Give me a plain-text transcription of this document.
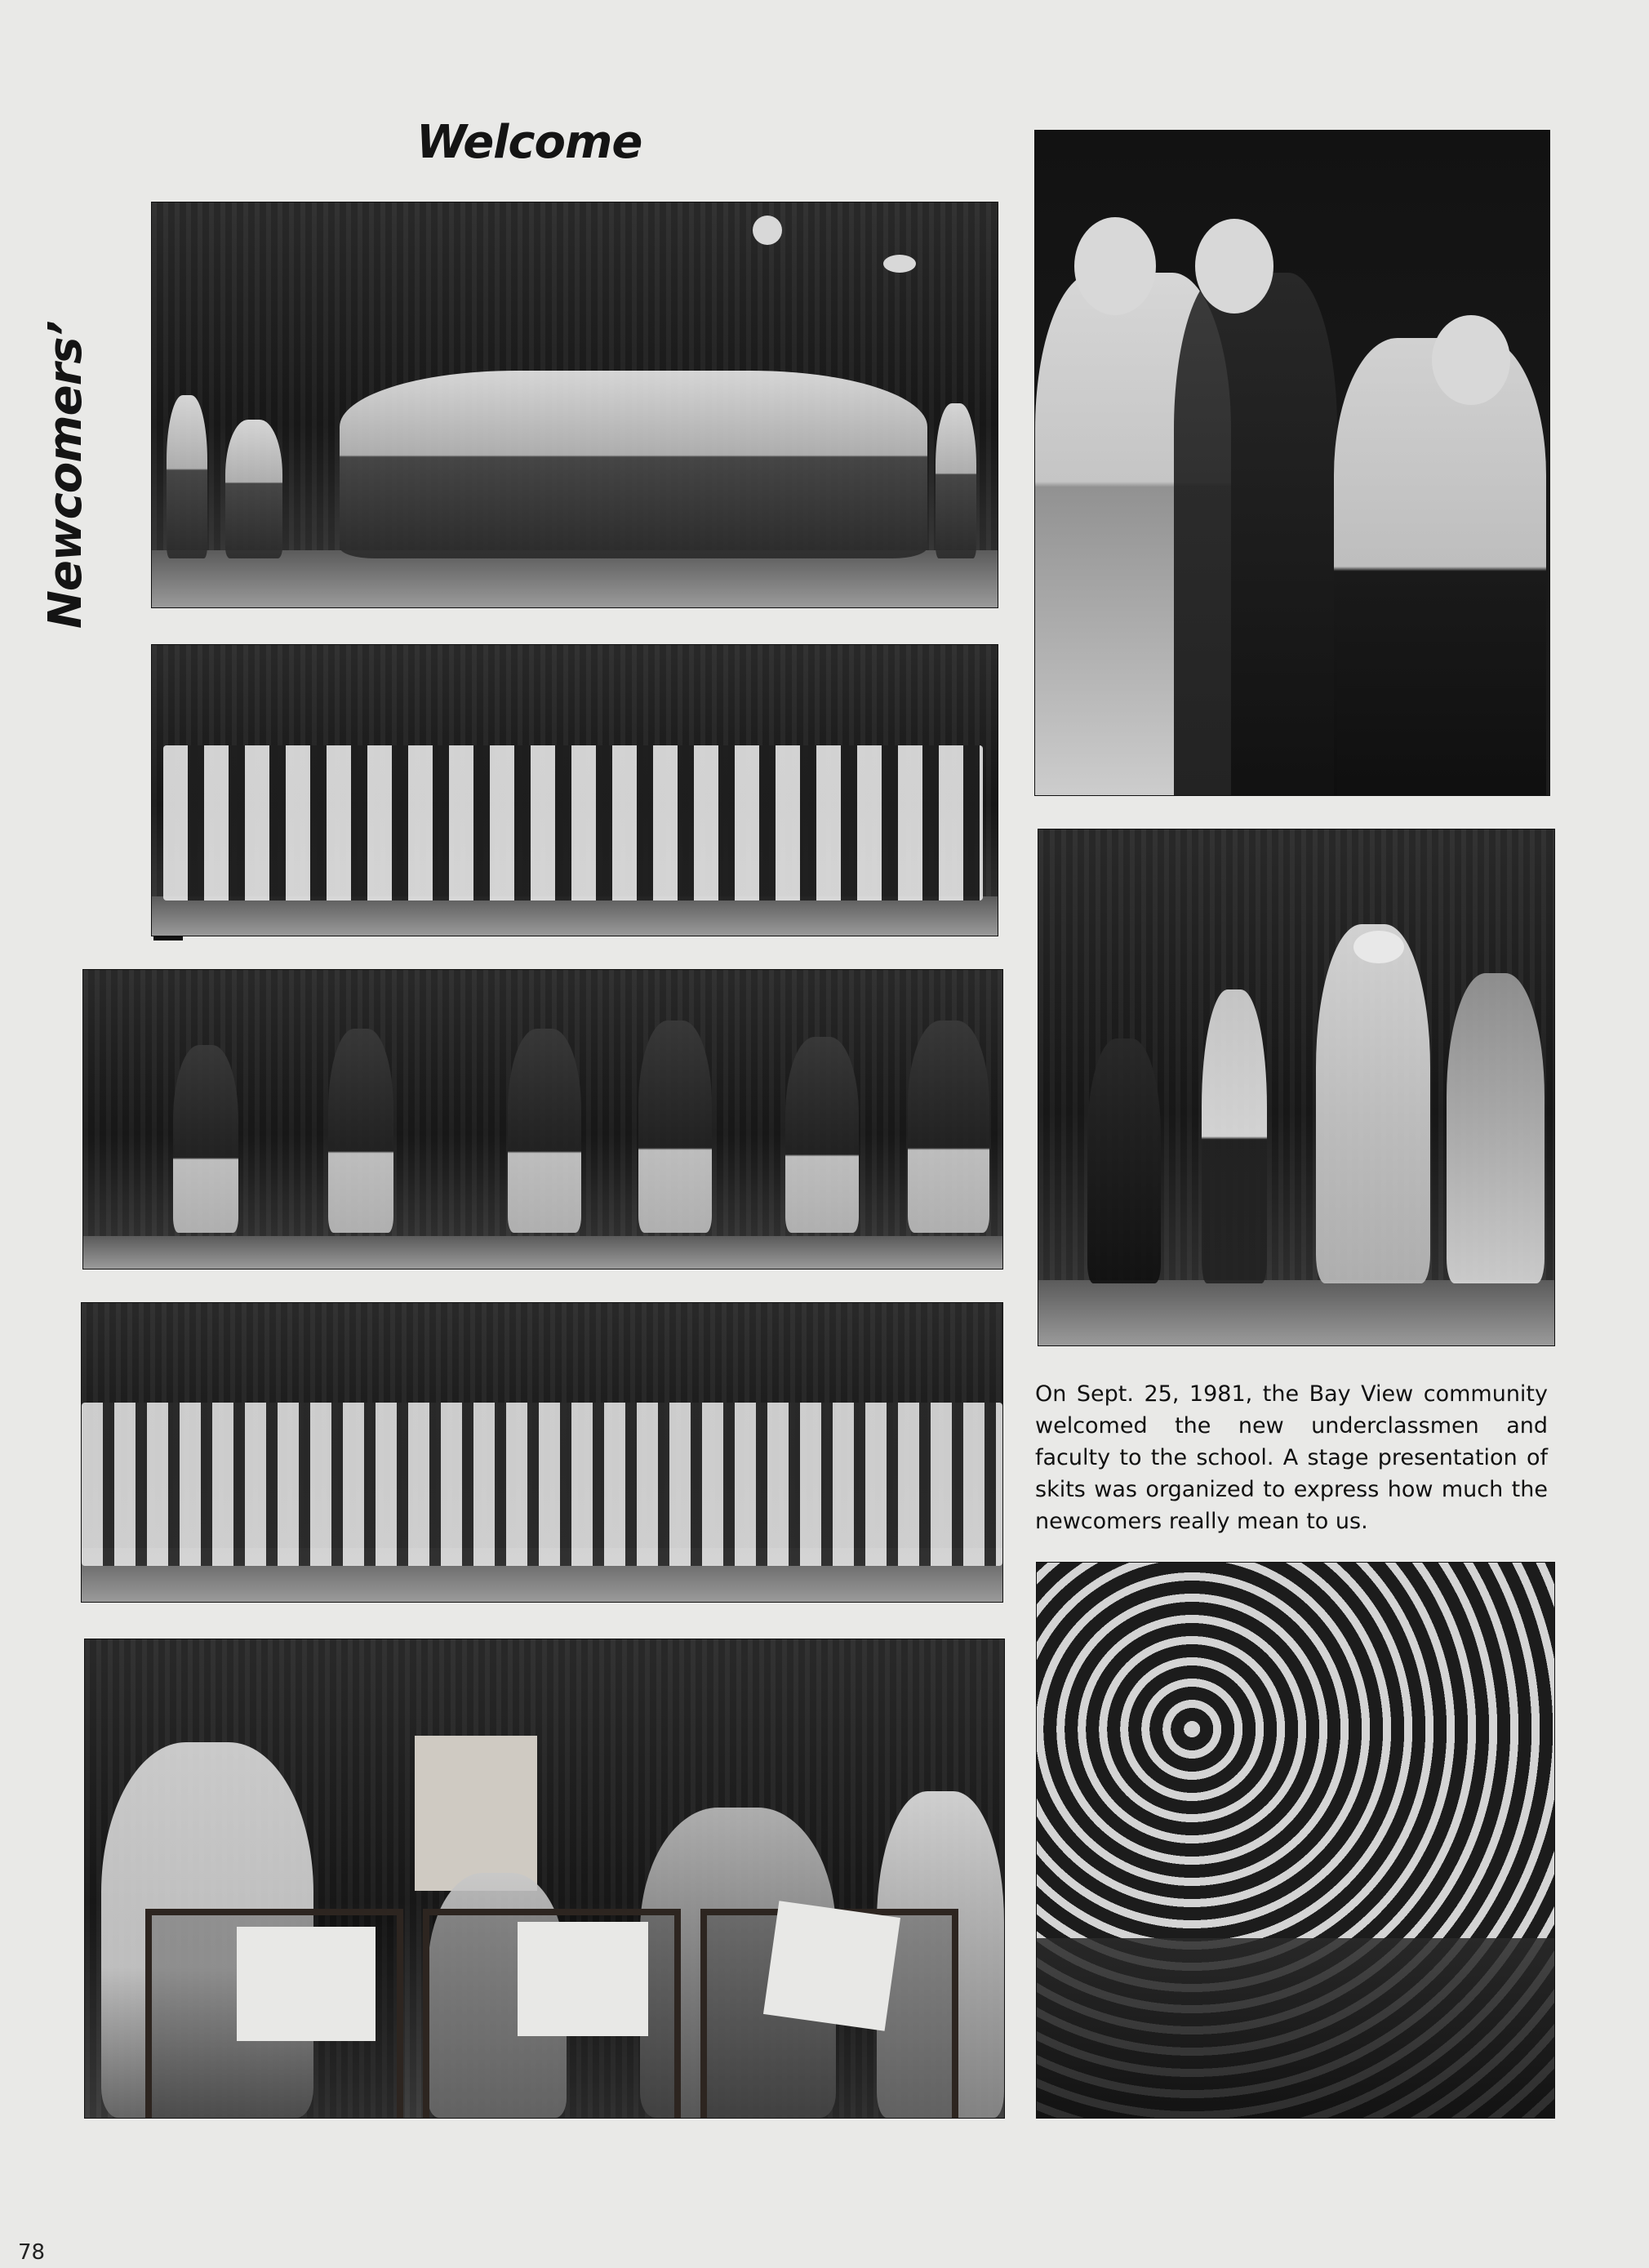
Welcome
Newcomers’

On Sept. 25, 1981, the Bay View community welcomed the new underclassmen and faculty to the school. A stage presentation of skits was organized to express how much the newcomers really mean to us.

78
